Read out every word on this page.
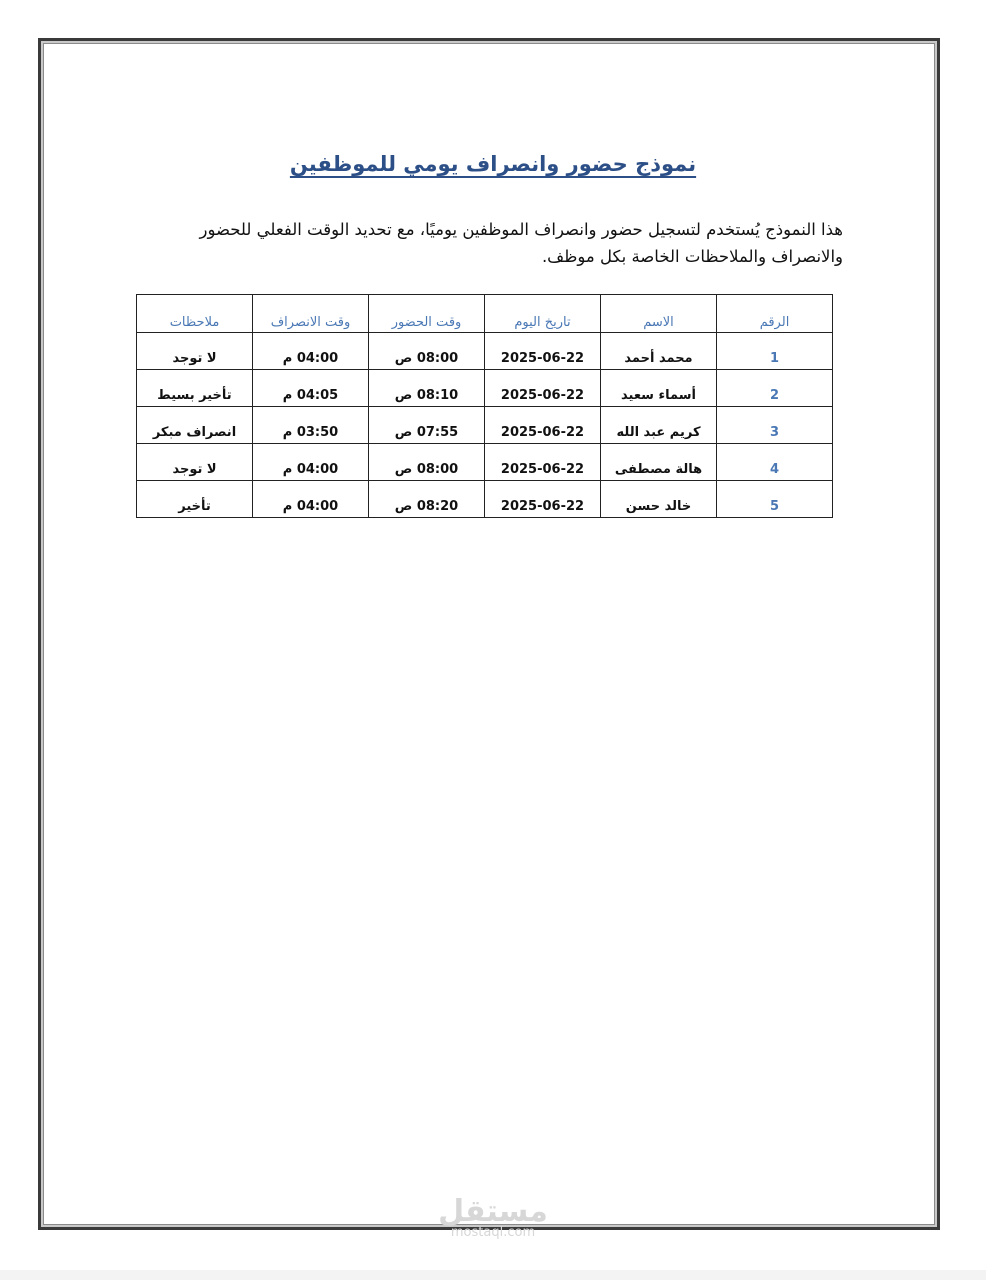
نموذج حضور وانصراف يومي للموظفين
هذا النموذج يُستخدم لتسجيل حضور وانصراف الموظفين يوميًا، مع تحديد الوقت الفعلي للحضور والانصراف والملاحظات الخاصة بكل موظف.
الرقم	الاسم	تاريخ اليوم	وقت الحضور	وقت الانصراف	ملاحظات
1	محمد أحمد	2025-06-22	08:00 ص	04:00 م	لا توجد
2	أسماء سعيد	2025-06-22	08:10 ص	04:05 م	تأخير بسيط
3	كريم عبد الله	2025-06-22	07:55 ص	03:50 م	انصراف مبكر
4	هالة مصطفى	2025-06-22	08:00 ص	04:00 م	لا توجد
5	خالد حسن	2025-06-22	08:20 ص	04:00 م	تأخير
مستقل
mostaql.com
